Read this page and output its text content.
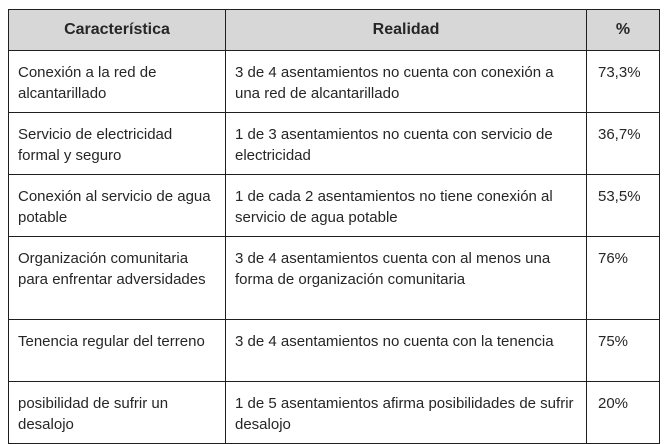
Característica	Realidad	%
Conexión a la red de alcantarillado	3 de 4 asentamientos no cuenta con conexión a una red de alcantarillado	73,3%
Servicio de electricidad formal y seguro	1 de 3 asentamientos no cuenta con servicio de electricidad	36,7%
Conexión al servicio de agua potable	1 de cada 2 asentamientos no tiene conexión al servicio de agua potable	53,5%
Organización comunitaria para enfrentar adversidades	3 de 4 asentamientos cuenta con al menos una forma de organización comunitaria	76%
Tenencia regular del terreno	3 de 4 asentamientos no cuenta con la tenencia	75%
posibilidad de sufrir un desalojo	1 de 5 asentamientos afirma posibilidades de sufrir desalojo	20%
